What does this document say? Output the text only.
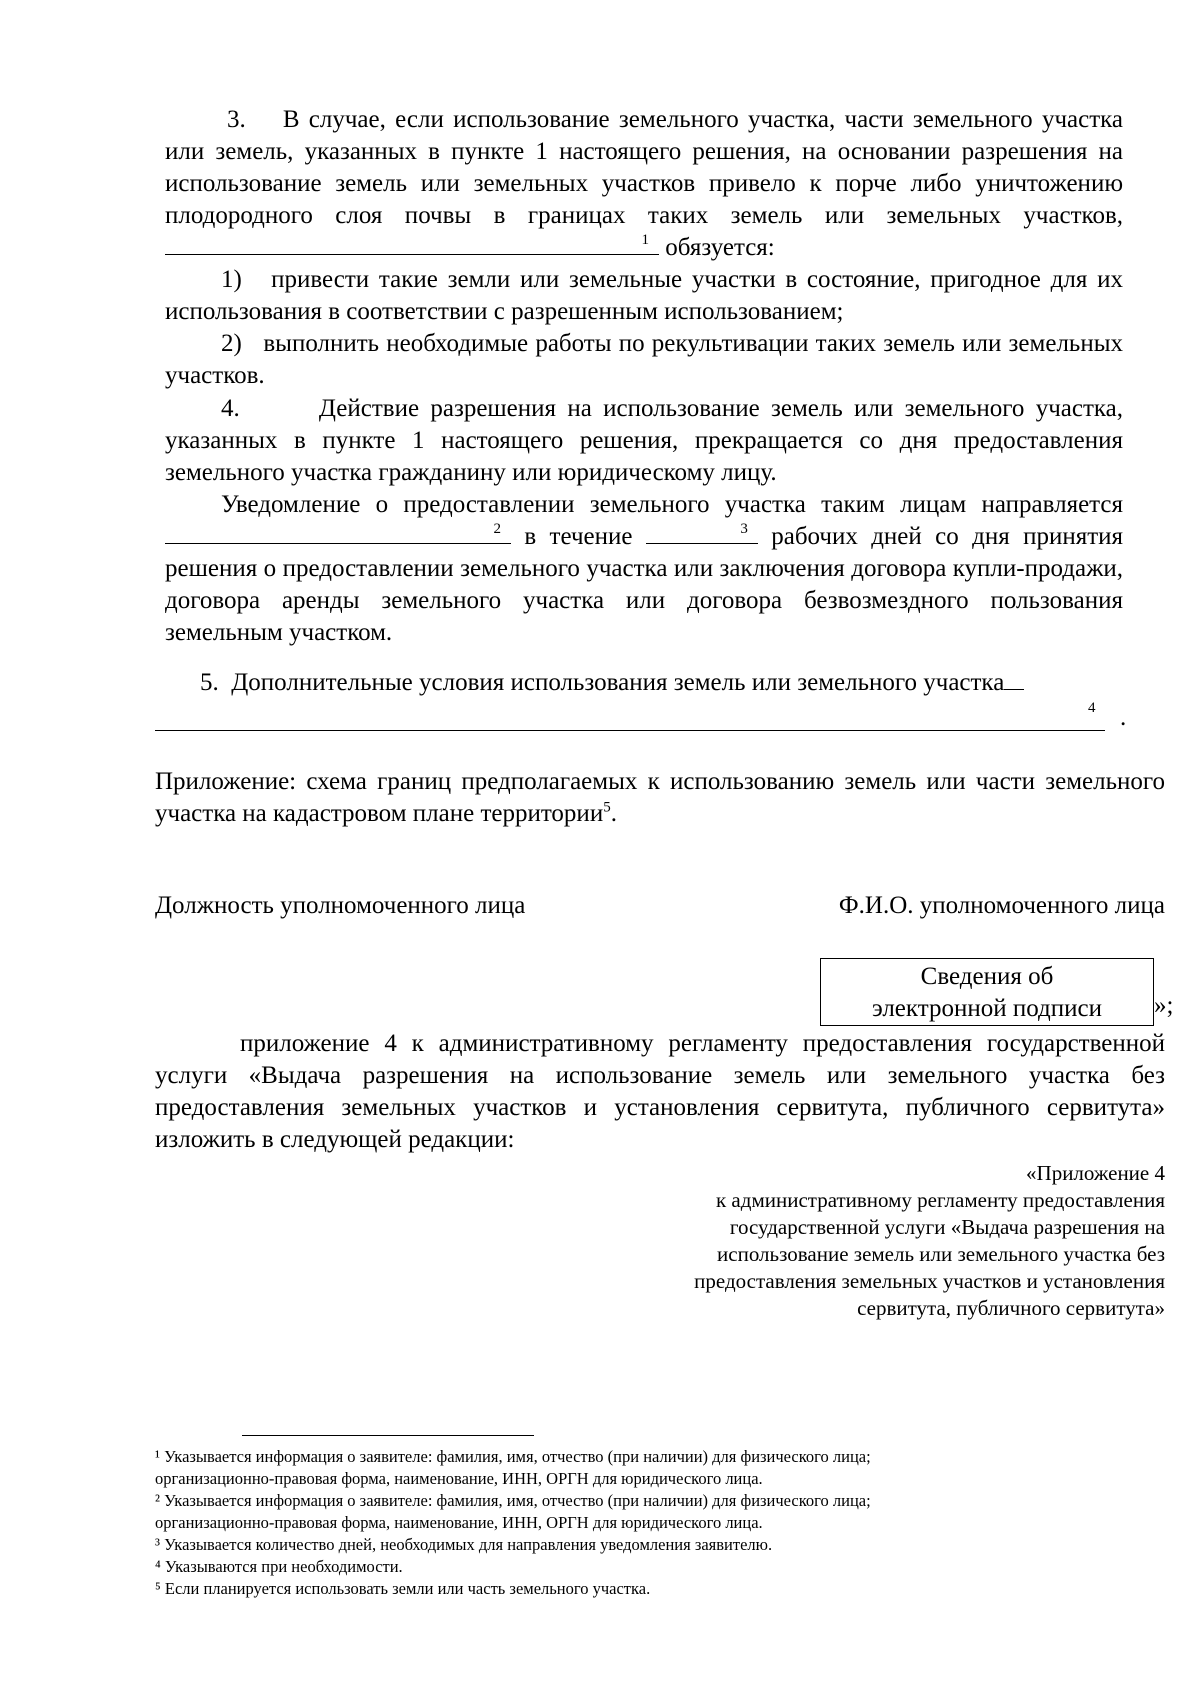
3.    В случае, если использование земельного участка, части земельного участка или земель, указанных в пункте 1 настоящего решения, на основании разрешения на использование земель или земельных участков привело к порче либо уничтожению плодородного слоя почвы в границах таких земель или земельных участков,
1 обязуется:

1)   привести такие земли или земельные участки в состояние, пригодное для их использования в соответствии с разрешенным использованием;

2)   выполнить необходимые работы по рекультивации таких земель или земельных участков.

4.       Действие разрешения на использование земель или земельного участка, указанных в пункте 1 настоящего решения, прекращается со дня предоставления земельного участка гражданину или юридическому лицу.

Уведомление о предоставлении земельного участка таким лицам направляется
2 в течение	3 рабочих дней со дня принятия решения о предоставлении земельного участка или заключения договора купли-продажи, договора аренды земельного участка или договора безвозмездного пользования земельным участком.

5.  Дополнительные условия использования земель или земельного участка

4 .

Приложение: схема границ предполагаемых к использованию земель или части земельного участка на кадастровом плане территории$^5$.

Должность уполномоченного лица	Ф.И.О. уполномоченного лица
Сведения об
электронной подписи	»;

приложение 4 к административному регламенту предоставления государственной услуги «Выдача разрешения на использование земель или земельного участка без предоставления земельных участков и установления сервитута, публичного сервитута» изложить в следующей редакции:

«Приложение 4
к административному регламенту предоставления
государственной услуги «Выдача разрешения на
использование земель или земельного участка без
предоставления земельных участков и установления
сервитута, публичного сервитута»
¹ Указывается информация о заявителе: фамилия, имя, отчество (при наличии) для физического лица;
организационно-правовая форма, наименование, ИНН, ОРГН для юридического лица.
² Указывается информация о заявителе: фамилия, имя, отчество (при наличии) для физического лица;
организационно-правовая форма, наименование, ИНН, ОРГН для юридического лица.
³ Указывается количество дней, необходимых для направления уведомления заявителю.
⁴ Указываются при необходимости.
⁵ Если планируется использовать земли или часть земельного участка.
